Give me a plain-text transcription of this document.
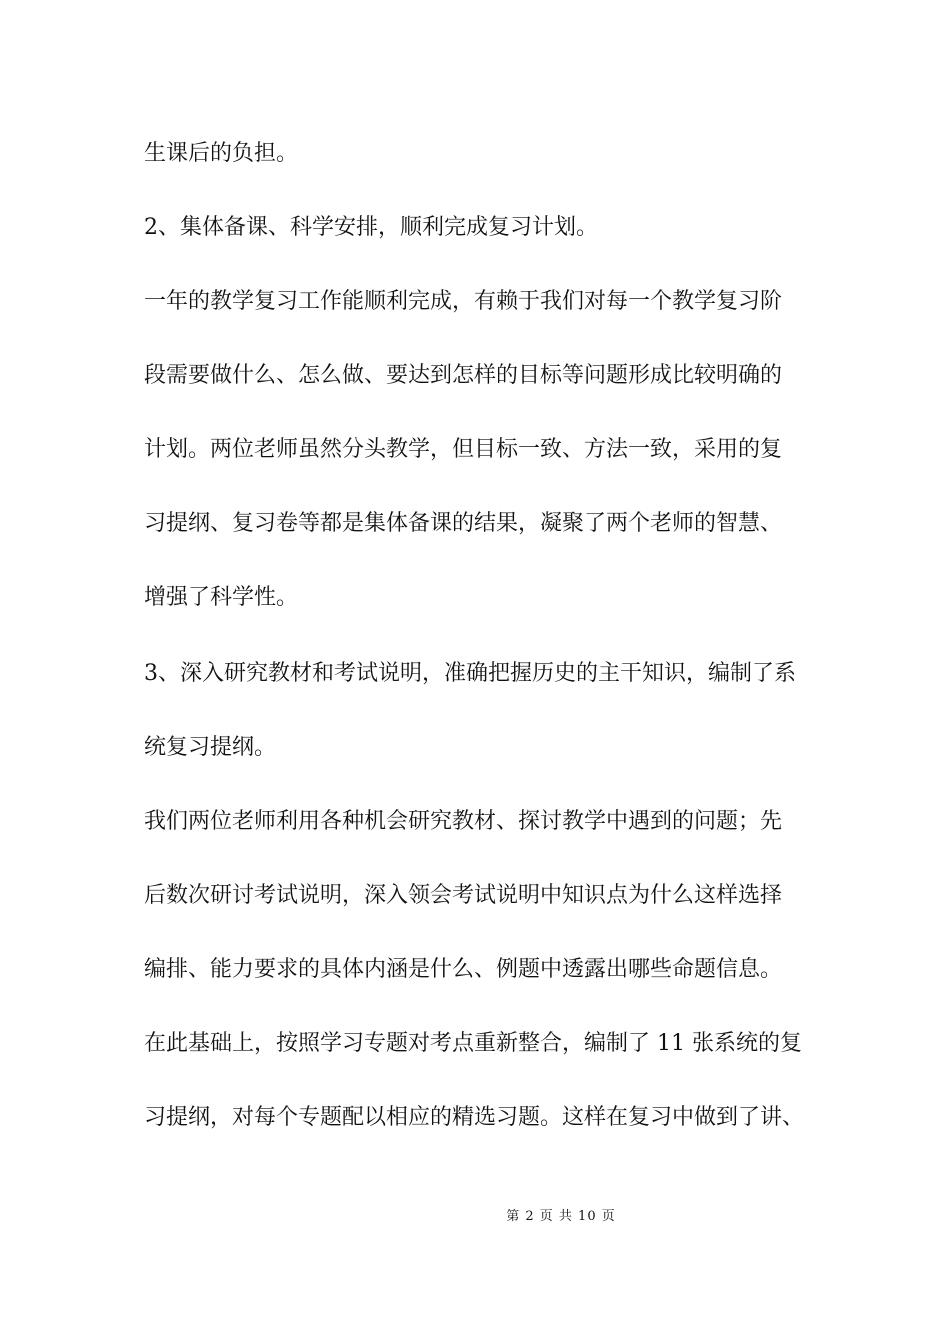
生课后的负担。
2、集体备课、科学安排，顺利完成复习计划。
一年的教学复习工作能顺利完成，有赖于我们对每一个教学复习阶
段需要做什么、怎么做、要达到怎样的目标等问题形成比较明确的
计划。两位老师虽然分头教学，但目标一致、方法一致，采用的复
习提纲、复习卷等都是集体备课的结果，凝聚了两个老师的智慧、
增强了科学性。
3、深入研究教材和考试说明，准确把握历史的主干知识，编制了系
统复习提纲。
我们两位老师利用各种机会研究教材、探讨教学中遇到的问题；先
后数次研讨考试说明，深入领会考试说明中知识点为什么这样选择
编排、能力要求的具体内涵是什么、例题中透露出哪些命题信息。
在此基础上，按照学习专题对考点重新整合，编制了 11 张系统的复
习提纲，对每个专题配以相应的精选习题。这样在复习中做到了讲、
第 2 页 共 10 页
